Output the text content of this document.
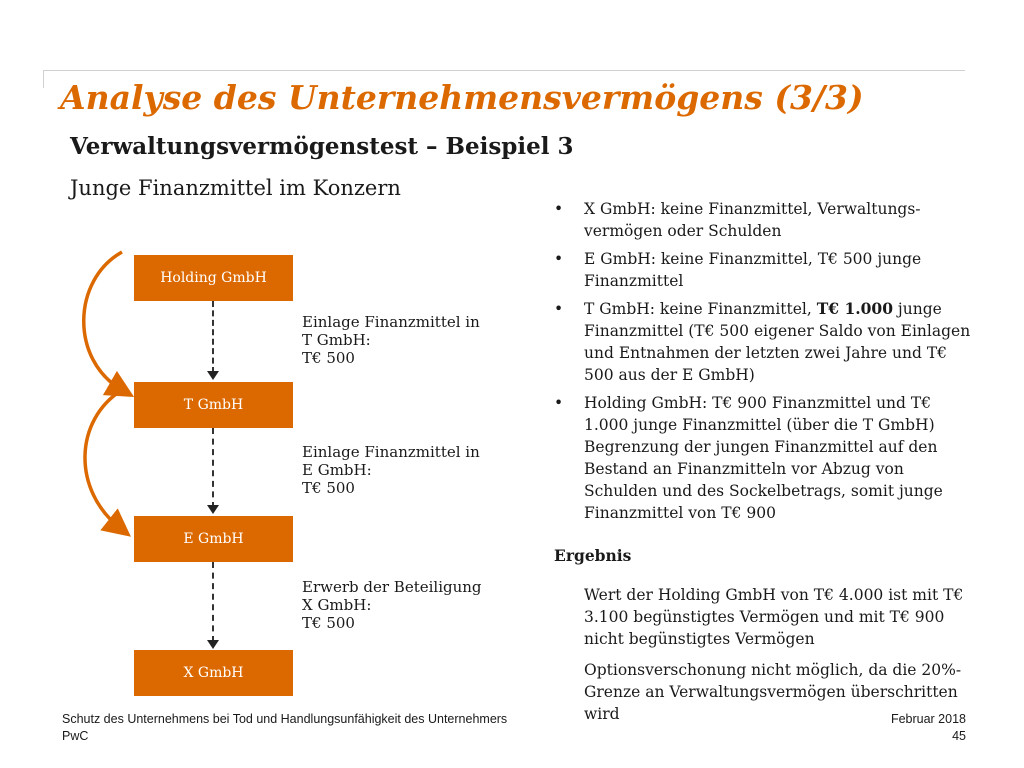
Analyse des Unternehmensvermögens (3/3)
Verwaltungsvermögenstest – Beispiel 3
Junge Finanzmittel im Konzern
Holding GmbH
T GmbH
E GmbH
X GmbH
Einlage Finanzmittel in
T GmbH:
T€ 500
Einlage Finanzmittel in
E GmbH:
T€ 500
Erwerb der Beteiligung
X GmbH:
T€ 500
• X GmbH: keine Finanzmittel, Verwaltungs-vermögen oder Schulden
• E GmbH: keine Finanzmittel, T€ 500 junge Finanzmittel
• T GmbH: keine Finanzmittel, T€ 1.000 junge Finanzmittel (T€ 500 eigener Saldo von Einlagen und Entnahmen der letzten zwei Jahre und T€ 500 aus der E GmbH)
• Holding GmbH: T€ 900 Finanzmittel und T€ 1.000 junge Finanzmittel (über die T GmbH) Begrenzung der jungen Finanzmittel auf den Bestand an Finanzmitteln vor Abzug von Schulden und des Sockelbetrags, somit junge Finanzmittel von T€ 900
Ergebnis
Wert der Holding GmbH von T€ 4.000 ist mit T€ 3.100 begünstigtes Vermögen und mit T€ 900 nicht begünstigtes Vermögen
Optionsverschonung nicht möglich, da die 20%-Grenze an Verwaltungsvermögen überschritten wird
Schutz des Unternehmens bei Tod und Handlungsunfähigkeit des Unternehmers
PwC
Februar 2018
45
